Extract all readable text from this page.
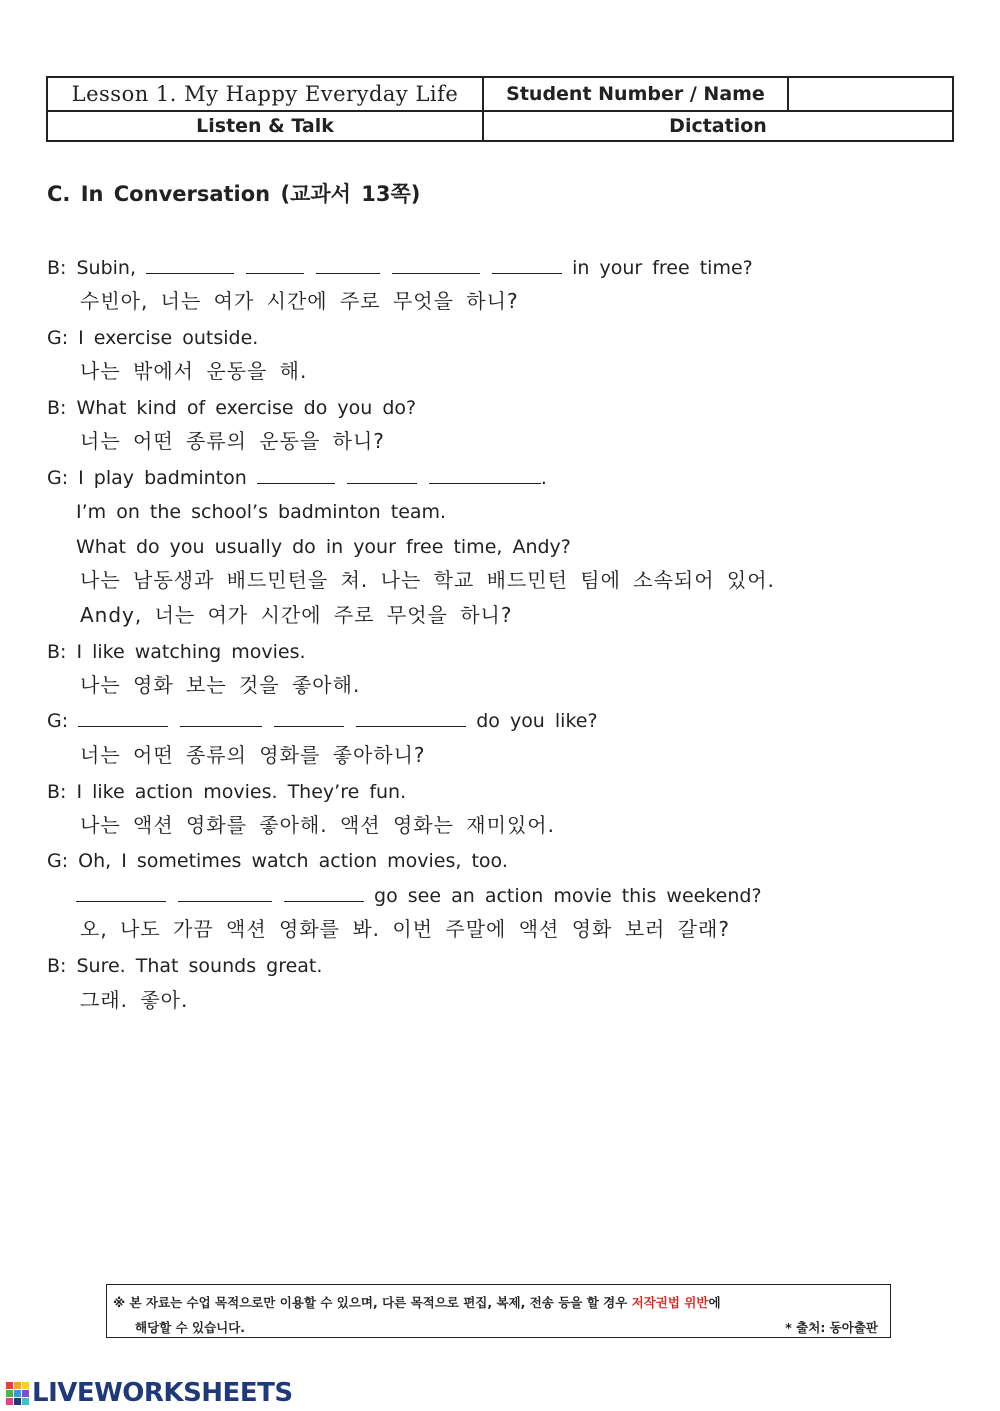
Lesson 1. My Happy Everyday Life	Student Number / Name	
Listen & Talk	Dictation	
C. In Conversation (교과서 13쪽)
B: Subin,	in your free time?
수빈아, 너는 여가 시간에 주로 무엇을 하니?
G: I exercise outside.
나는 밖에서 운동을 해.
B: What kind of exercise do you do?
너는 어떤 종류의 운동을 하니?
G: I play badminton	.
I’m on the school’s badminton team.
What do you usually do in your free time, Andy?
나는 남동생과 배드민턴을 쳐. 나는 학교 배드민턴 팀에 소속되어 있어.
Andy, 너는 여가 시간에 주로 무엇을 하니?
B: I like watching movies.
나는 영화 보는 것을 좋아해.
G:	do you like?
너는 어떤 종류의 영화를 좋아하니?
B: I like action movies. They’re fun.
나는 액션 영화를 좋아해. 액션 영화는 재미있어.
G: Oh, I sometimes watch action movies, too.
go see an action movie this weekend?
오, 나도 가끔 액션 영화를 봐. 이번 주말에 액션 영화 보러 갈래?
B: Sure. That sounds great.
그래. 좋아.
※ 본 자료는 수업 목적으로만 이용할 수 있으며, 다른 목적으로 편집, 복제, 전송 등을 할 경우 저작권법 위반에
해당할 수 있습니다.	* 출처: 동아출판
LIVEWORKSHEETS
